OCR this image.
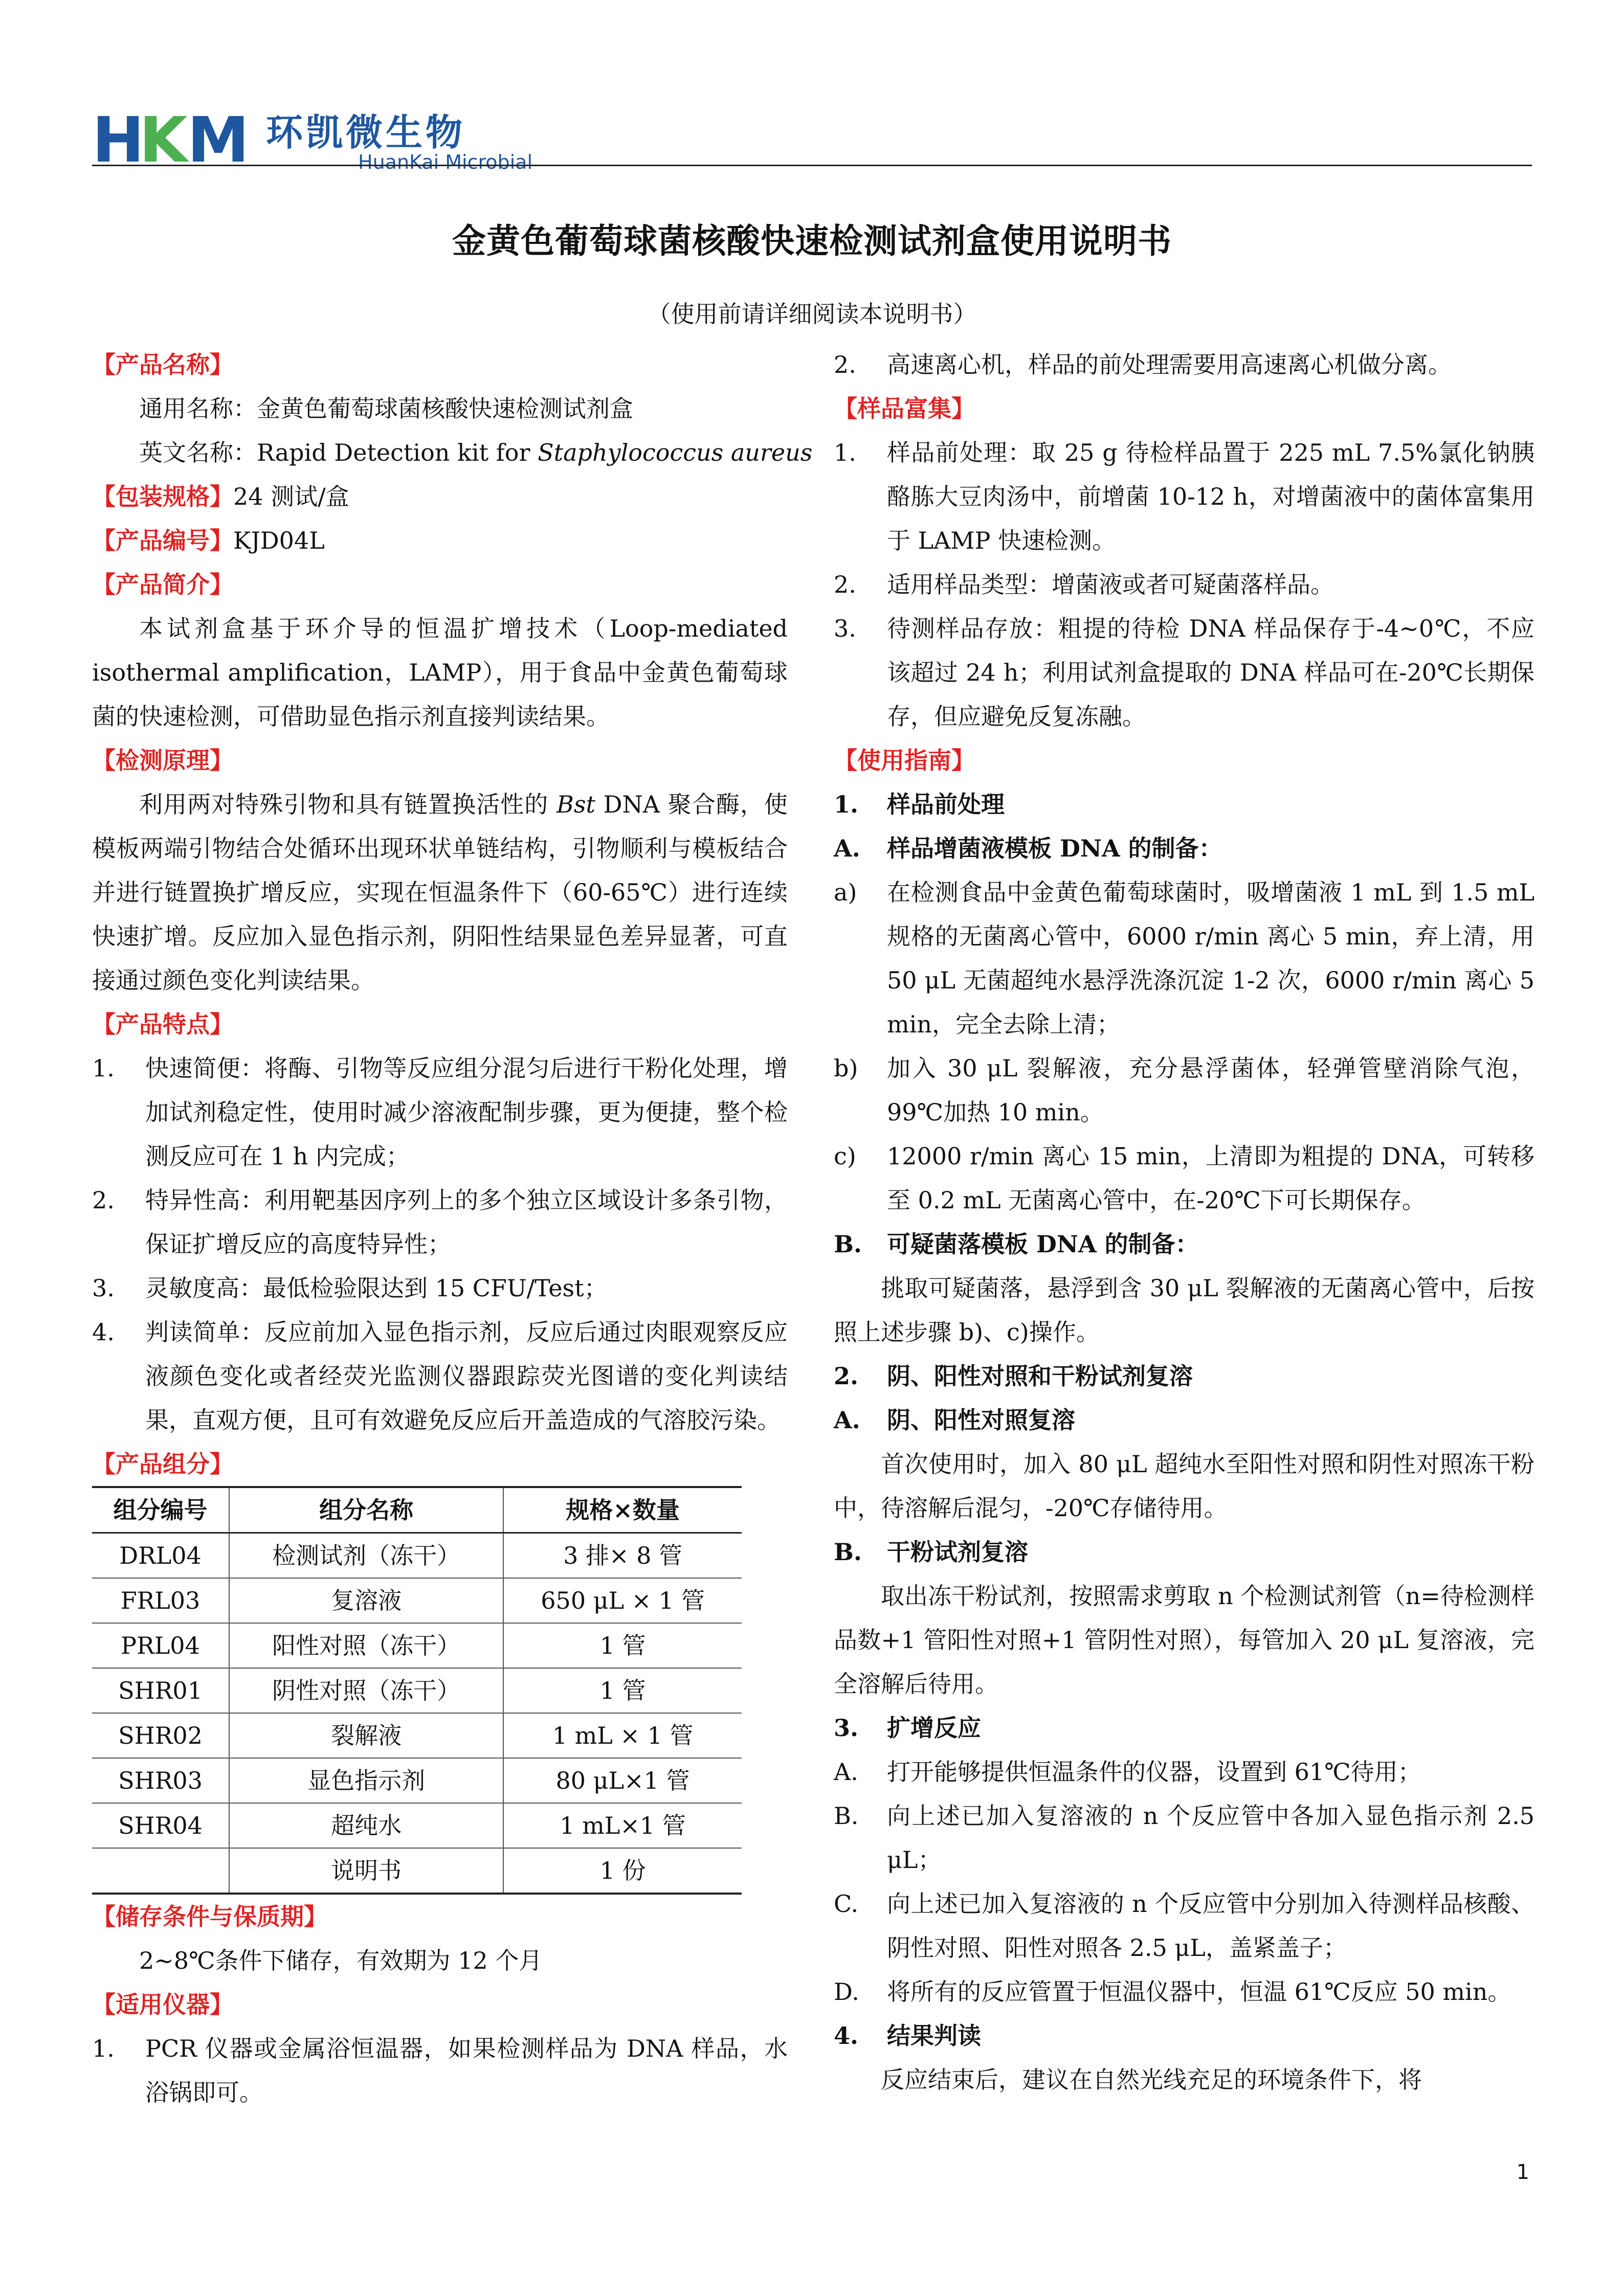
H
K M 环凯微生物
HuanKai Microbial
金黄色葡萄球菌核酸快速检测试剂盒使用说明书
（使用前请详细阅读本说明书）
【产品名称】
通用名称：金黄色葡萄球菌核酸快速检测试剂盒
英文名称：Rapid Detection kit for Staphylococcus aureus
【包装规格】24 测试/盒
【产品编号】KJD04L
【产品简介】
本试剂盒基于环介导的恒温扩增技术（Loop-mediated isothermal amplification，LAMP），用于食品中金黄色葡萄球菌的快速检测，可借助显色指示剂直接判读结果。
【检测原理】
利用两对特殊引物和具有链置换活性的 Bst DNA 聚合酶，使模板两端引物结合处循环出现环状单链结构，引物顺利与模板结合并进行链置换扩增反应，实现在恒温条件下（60-65℃）进行连续快速扩增。反应加入显色指示剂，阴阳性结果显色差异显著，可直接通过颜色变化判读结果。
【产品特点】
1.	快速简便：将酶、引物等反应组分混匀后进行干粉化处理，增加试剂稳定性，使用时减少溶液配制步骤，更为便捷，整个检测反应可在 1 h 内完成；
2.	特异性高：利用靶基因序列上的多个独立区域设计多条引物，保证扩增反应的高度特异性；
3.	灵敏度高：最低检验限达到 15 CFU/Test；
4.	判读简单：反应前加入显色指示剂，反应后通过肉眼观察反应液颜色变化或者经荧光监测仪器跟踪荧光图谱的变化判读结果，直观方便，且可有效避免反应后开盖造成的气溶胶污染。
【产品组分】
组分编号	组分名称	规格×数量
DRL04	检测试剂（冻干）	3 排× 8 管
FRL03	复溶液	650 μL × 1 管
PRL04	阳性对照（冻干）	1 管
SHR01	阴性对照（冻干）	1 管
SHR02	裂解液	1 mL × 1 管
SHR03	显色指示剂	80 μL×1 管
SHR04	超纯水	1 mL×1 管
	说明书	1 份
【储存条件与保质期】
2~8℃条件下储存，有效期为 12 个月
【适用仪器】
1.	PCR 仪器或金属浴恒温器，如果检测样品为 DNA 样品，水浴锅即可。
2.	高速离心机，样品的前处理需要用高速离心机做分离。
【样品富集】
1.	样品前处理：取 25 g 待检样品置于 225 mL 7.5%氯化钠胰酪胨大豆肉汤中，前增菌 10-12 h，对增菌液中的菌体富集用于 LAMP 快速检测。
2.	适用样品类型：增菌液或者可疑菌落样品。
3.	待测样品存放：粗提的待检 DNA 样品保存于-4~0℃，不应该超过 24 h；利用试剂盒提取的 DNA 样品可在-20℃长期保存，但应避免反复冻融。
【使用指南】
1.	样品前处理
A.	样品增菌液模板 DNA 的制备：
a)	在检测食品中金黄色葡萄球菌时，吸增菌液 1 mL 到 1.5 mL 规格的无菌离心管中，6000 r/min 离心 5 min，弃上清，用 50 μL 无菌超纯水悬浮洗涤沉淀 1-2 次，6000 r/min 离心 5 min，完全去除上清；
b)	加入 30 μL 裂解液，充分悬浮菌体，轻弹管壁消除气泡，99℃加热 10 min。
c)	12000 r/min 离心 15 min，上清即为粗提的 DNA，可转移至 0.2 mL 无菌离心管中，在-20℃下可长期保存。
B.	可疑菌落模板 DNA 的制备：
挑取可疑菌落，悬浮到含 30 μL 裂解液的无菌离心管中，后按照上述步骤 b)、c)操作。
2.	阴、阳性对照和干粉试剂复溶
A.	阴、阳性对照复溶
首次使用时，加入 80 μL 超纯水至阳性对照和阴性对照冻干粉中，待溶解后混匀，-20℃存储待用。
B.	干粉试剂复溶
取出冻干粉试剂，按照需求剪取 n 个检测试剂管（n=待检测样品数+1 管阳性对照+1 管阴性对照），每管加入 20 μL 复溶液，完全溶解后待用。
3.	扩增反应
A.	打开能够提供恒温条件的仪器，设置到 61℃待用；
B.	向上述已加入复溶液的 n 个反应管中各加入显色指示剂 2.5 μL；
C.	向上述已加入复溶液的 n 个反应管中分别加入待测样品核酸、阴性对照、阳性对照各 2.5 μL，盖紧盖子；
D.	将所有的反应管置于恒温仪器中，恒温 61℃反应 50 min。
4.	结果判读
反应结束后，建议在自然光线充足的环境条件下，将
1
